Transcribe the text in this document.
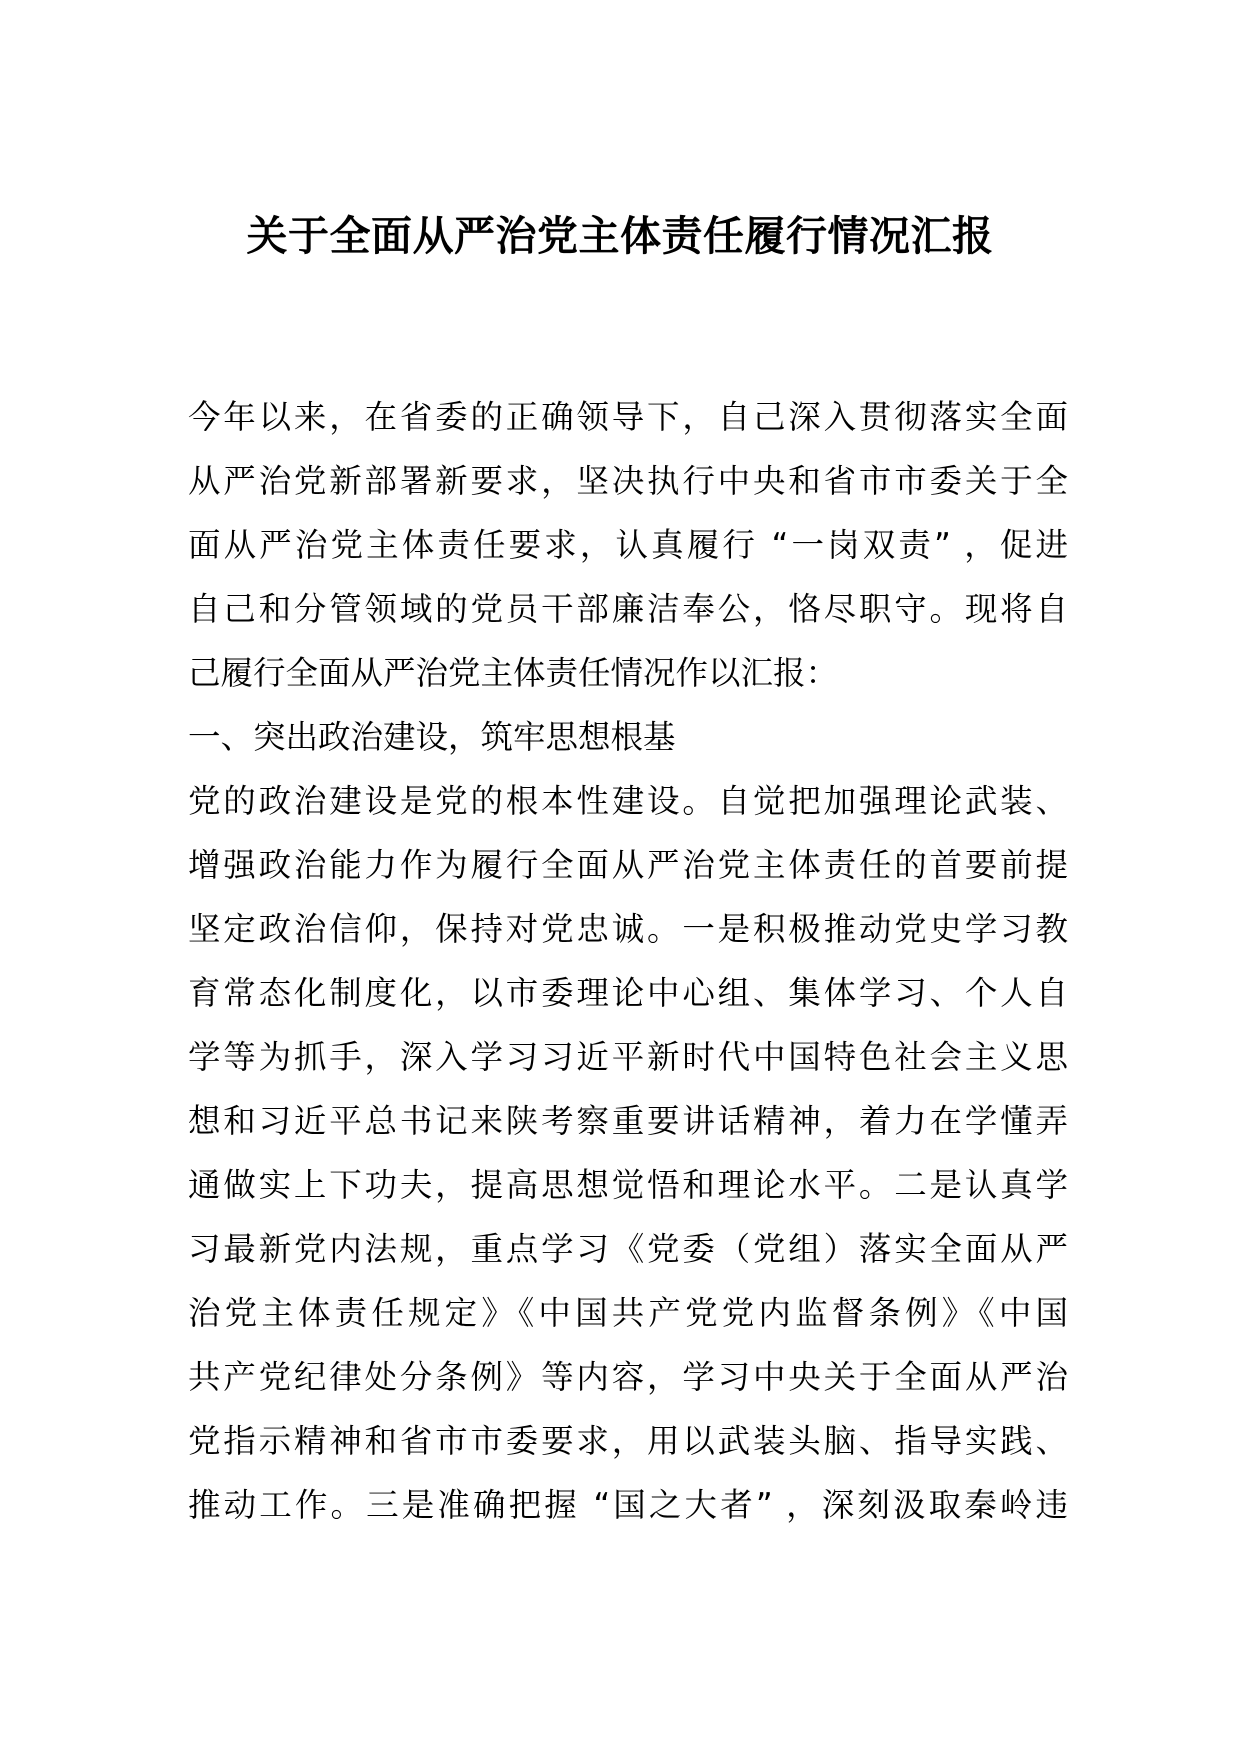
关于全面从严治党主体责任履行情况汇报
今年以来，在省委的正确领导下，自己深入贯彻落实全面
从严治党新部署新要求，坚决执行中央和省市市委关于全
面从严治党主体责任要求，认真履行 “一岗双责” ，促进
自己和分管领域的党员干部廉洁奉公，恪尽职守。现将自
己履行全面从严治党主体责任情况作以汇报：
一、突出政治建设，筑牢思想根基
党的政治建设是党的根本性建设。自觉把加强理论武装、
增强政治能力作为履行全面从严治党主体责任的首要前提
坚定政治信仰，保持对党忠诚。一是积极推动党史学习教
育常态化制度化，以市委理论中心组、集体学习、个人自
学等为抓手，深入学习习近平新时代中国特色社会主义思
想和习近平总书记来陕考察重要讲话精神，着力在学懂弄
通做实上下功夫，提高思想觉悟和理论水平。二是认真学
习最新党内法规，重点学习《党委（党组）落实全面从严
治党主体责任规定》《中国共产党党内监督条例》《中国
共产党纪律处分条例》等内容，学习中央关于全面从严治
党指示精神和省市市委要求，用以武装头脑、指导实践、
推动工作。三是准确把握 “国之大者” ，深刻汲取秦岭违
